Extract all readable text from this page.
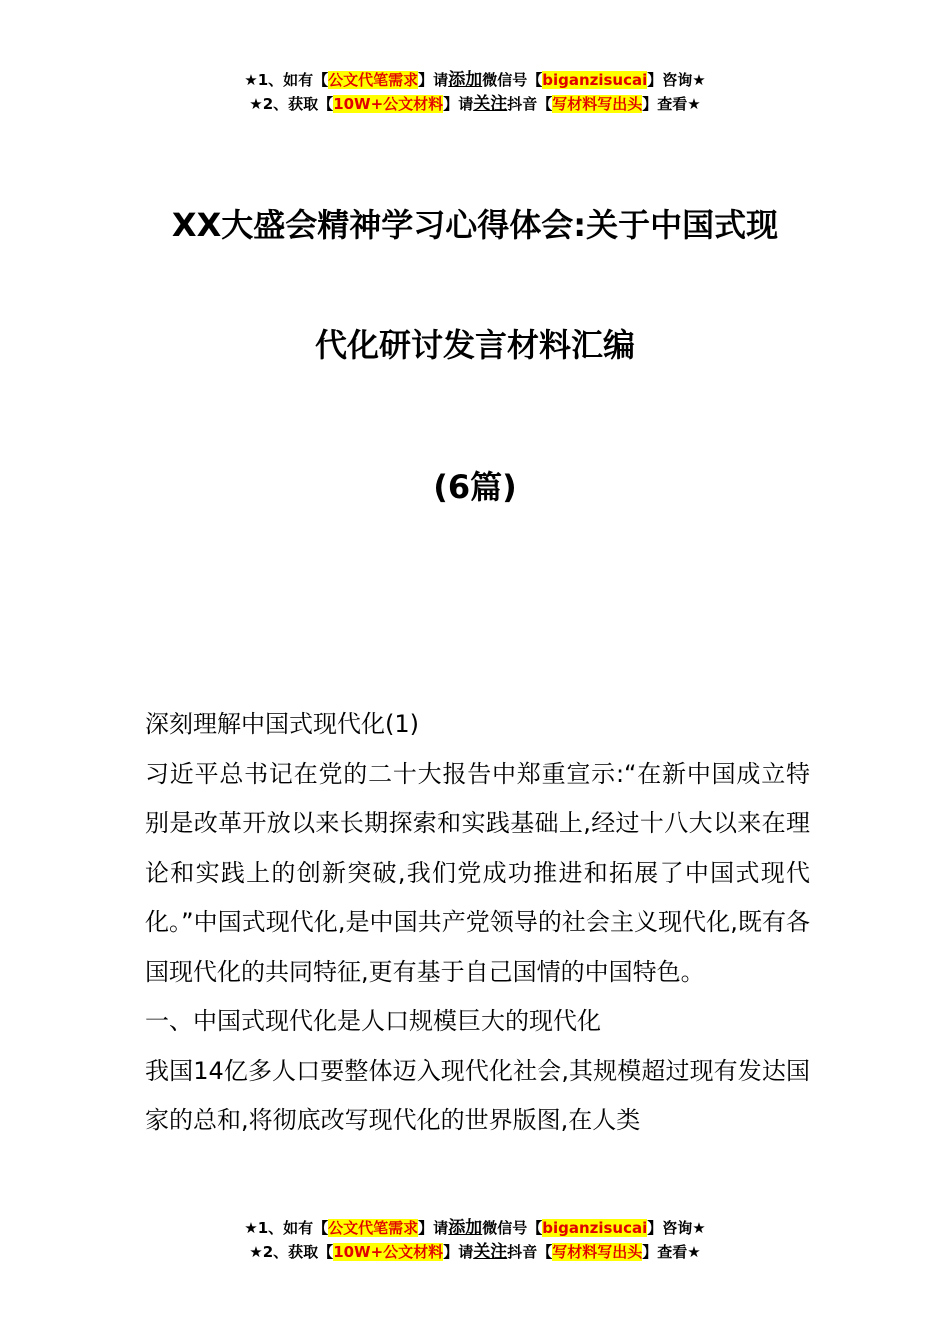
★1、如有【公文代笔需求】请添加微信号【biganzisucai】咨询★
★2、获取【10W+公文材料】请关注抖音【写材料写出头】查看★
XX大盛会精神学习心得体会:关于中国式现
代化研讨发言材料汇编
(6篇)

深刻理解中国式现代化(1)

习近平总书记在党的二十大报告中郑重宣示:“在新中国成立特别是改革开放以来长期探索和实践基础上,经过十八大以来在理论和实践上的创新突破,我们党成功推进和拓展了中国式现代化。”中国式现代化,是中国共产党领导的社会主义现代化,既有各国现代化的共同特征,更有基于自己国情的中国特色。

一、中国式现代化是人口规模巨大的现代化

我国14亿多人口要整体迈入现代化社会,其规模超过现有发达国家的总和,将彻底改写现代化的世界版图,在人类

★1、如有【公文代笔需求】请添加微信号【biganzisucai】咨询★
★2、获取【10W+公文材料】请关注抖音【写材料写出头】查看★
